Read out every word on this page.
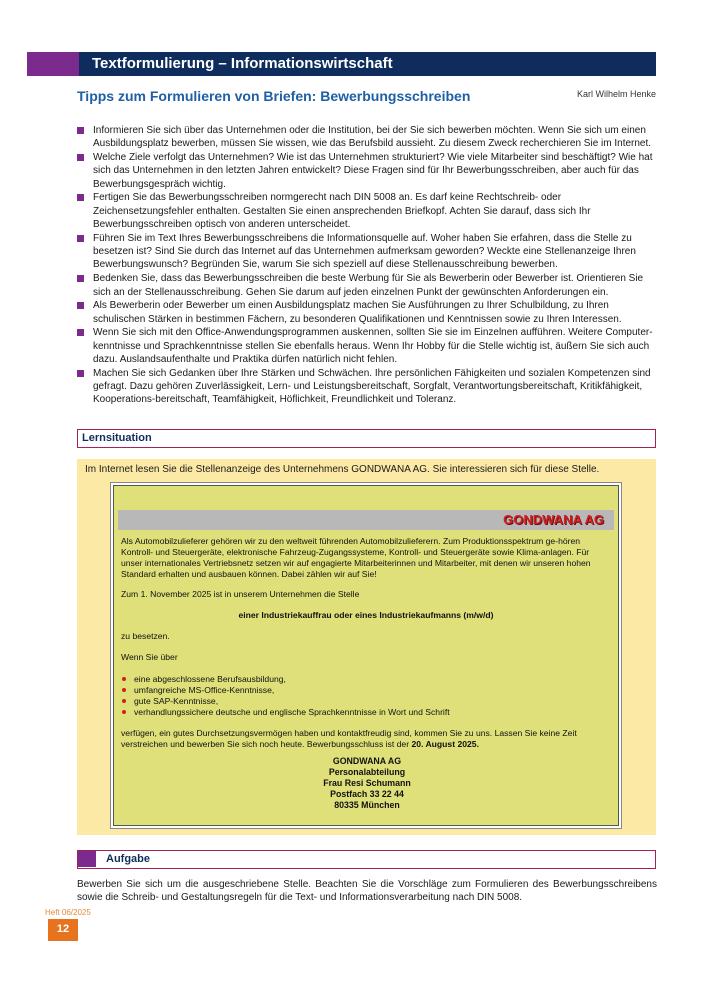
Textformulierung – Informationswirtschaft
Tipps zum Formulieren von Briefen: Bewerbungsschreiben	Karl Wilhelm Henke
Informieren Sie sich über das Unternehmen oder die Institution, bei der Sie sich bewerben möchten. Wenn Sie sich um einen Ausbildungsplatz bewerben, müssen Sie wissen, wie das Berufsbild aussieht. Zu diesem Zweck recherchieren Sie im Internet.
Welche Ziele verfolgt das Unternehmen? Wie ist das Unternehmen strukturiert? Wie viele Mitarbeiter sind beschäftigt? Wie hat sich das Unternehmen in den letzten Jahren entwickelt? Diese Fragen sind für Ihr Bewerbungsschreiben, aber auch für das Bewerbungsgespräch wichtig.
Fertigen Sie das Bewerbungsschreiben normgerecht nach DIN 5008 an. Es darf keine Rechtschreib- oder Zeichensetzungsfehler enthalten. Gestalten Sie einen ansprechenden Briefkopf. Achten Sie darauf, dass sich Ihr Bewerbungsschreiben optisch von anderen unterscheidet.
Führen Sie im Text Ihres Bewerbungsschreibens die Informationsquelle auf. Woher haben Sie erfahren, dass die Stelle zu besetzen ist? Sind Sie durch das Internet auf das Unternehmen aufmerksam geworden? Weckte eine Stellenanzeige Ihren Bewerbungswunsch? Begründen Sie, warum Sie sich speziell auf diese Stellenausschreibung bewerben.
Bedenken Sie, dass das Bewerbungsschreiben die beste Werbung für Sie als Bewerberin oder Bewerber ist. Orientieren Sie sich an der Stellenausschreibung. Gehen Sie darum auf jeden einzelnen Punkt der gewünschten Anforderungen ein.
Als Bewerberin oder Bewerber um einen Ausbildungsplatz machen Sie Ausführungen zu Ihrer Schulbildung, zu Ihren schulischen Stärken in bestimmen Fächern, zu besonderen Qualifikationen und Kenntnissen sowie zu Ihren Interessen.
Wenn Sie sich mit den Office-Anwendungsprogrammen auskennen, sollten Sie sie im Einzelnen aufführen. Weitere Computer-kenntnisse und Sprachkenntnisse stellen Sie ebenfalls heraus. Wenn Ihr Hobby für die Stelle wichtig ist, äußern Sie sich auch dazu. Auslandsaufenthalte und Praktika dürfen natürlich nicht fehlen.
Machen Sie sich Gedanken über Ihre Stärken und Schwächen. Ihre persönlichen Fähigkeiten und sozialen Kompetenzen sind gefragt. Dazu gehören Zuverlässigkeit, Lern- und Leistungsbereitschaft, Sorgfalt, Verantwortungsbereitschaft, Kritikfähigkeit, Kooperations-bereitschaft, Teamfähigkeit, Höflichkeit, Freundlichkeit und Toleranz.
Lernsituation
Im Internet lesen Sie die Stellenanzeige des Unternehmens GONDWANA AG. Sie interessieren sich für diese Stelle.
GONDWANA AG
Als Automobilzulieferer gehören wir zu den weltweit führenden Automobilzulieferern. Zum Produktionsspektrum ge-hören Kontroll- und Steuergeräte, elektronische Fahrzeug-Zugangssysteme, Kontroll- und Steuergeräte sowie Klima-anlagen. Für unser internationales Vertriebsnetz setzen wir auf engagierte Mitarbeiterinnen und Mitarbeiter, mit denen wir unseren hohen Standard erhalten und ausbauen können. Dabei zählen wir auf Sie!
Zum 1. November 2025 ist in unserem Unternehmen die Stelle
einer Industriekauffrau oder eines Industriekaufmanns (m/w/d)
zu besetzen.
Wenn Sie über
eine abgeschlossene Berufsausbildung,
umfangreiche MS-Office-Kenntnisse,
gute SAP-Kenntnisse,
verhandlungssichere deutsche und englische Sprachkenntnisse in Wort und Schrift
verfügen, ein gutes Durchsetzungsvermögen haben und kontaktfreudig sind, kommen Sie zu uns. Lassen Sie keine Zeit verstreichen und bewerben Sie sich noch heute. Bewerbungsschluss ist der 20. August 2025.
GONDWANA AG
Personalabteilung
Frau Resi Schumann
Postfach 33 22 44
80335 München
Aufgabe
Bewerben Sie sich um die ausgeschriebene Stelle. Beachten Sie die Vorschläge zum Formulieren des Bewerbungsschreibens sowie die Schreib- und Gestaltungsregeln für die Text- und Informationsverarbeitung nach DIN 5008.
Heft 06/2025
12
